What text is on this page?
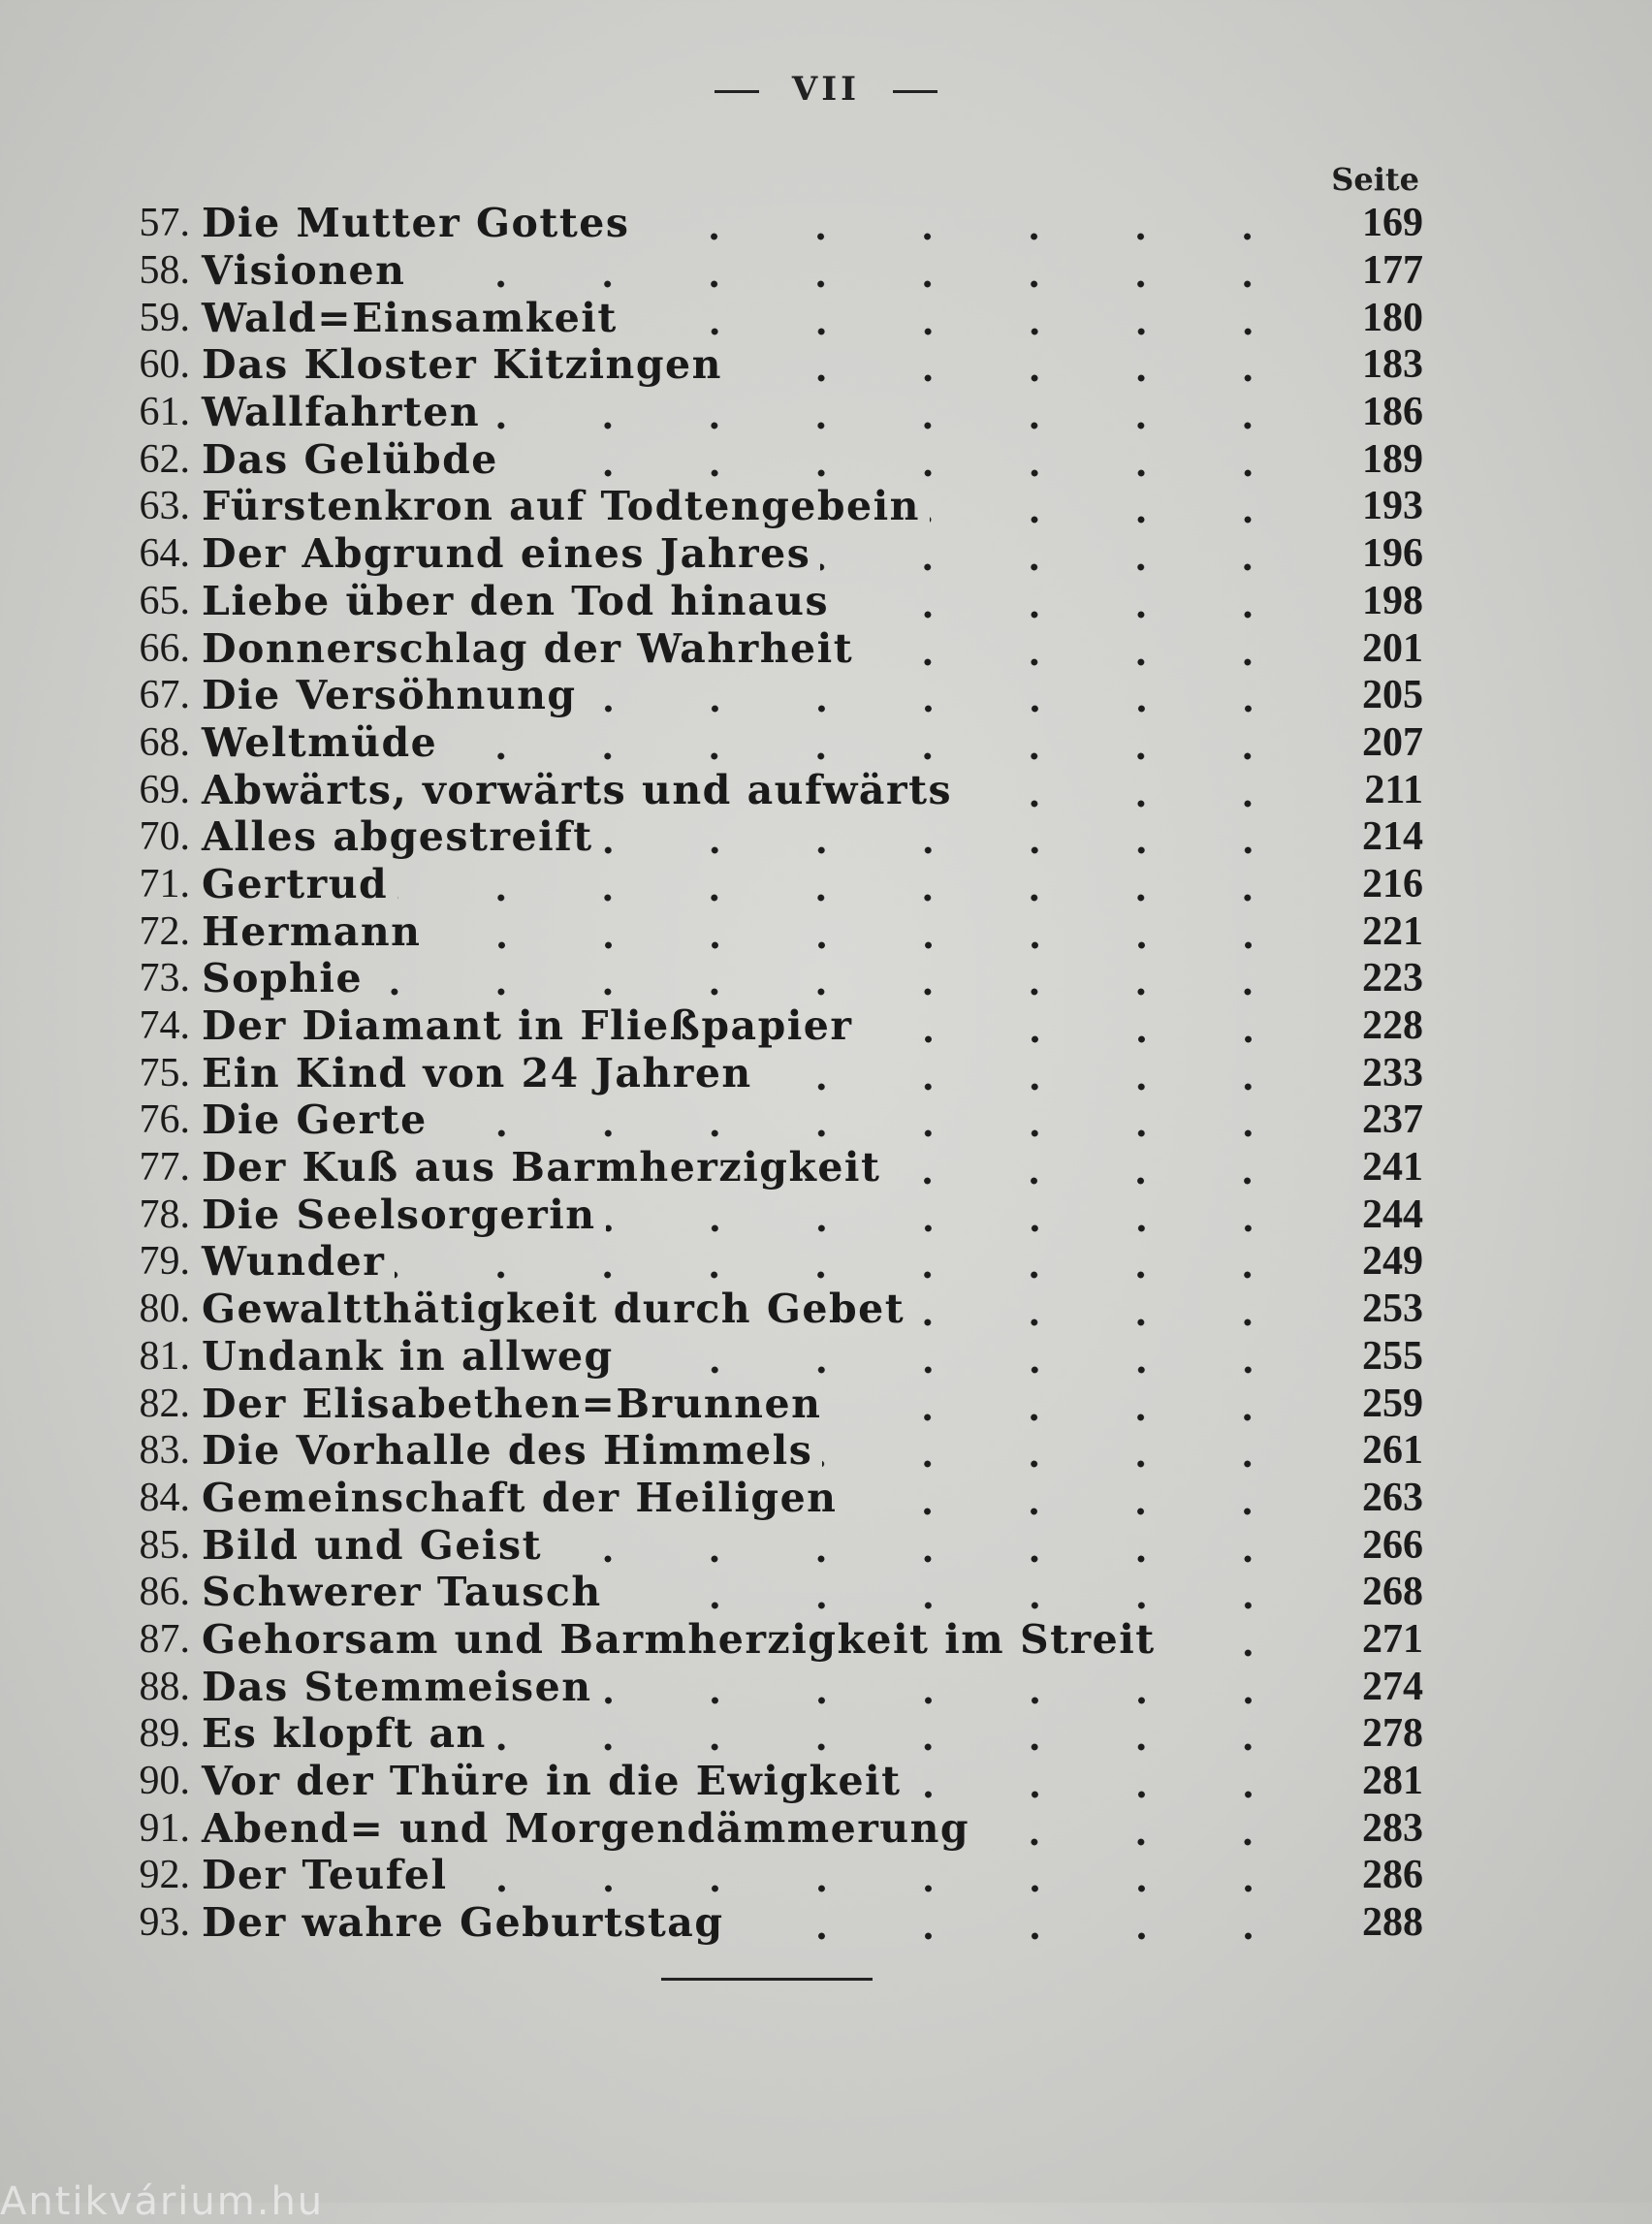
VII
Seite
57. Die Mutter Gottes	169
58. Visionen	177
59. Wald=Einsamkeit	180
60. Das Kloster Kitzingen	183
61. Wallfahrten	186
62. Das Gelübde	189
63. Fürstenkron auf Todtengebein	193
64. Der Abgrund eines Jahres	196
65. Liebe über den Tod hinaus	198
66. Donnerschlag der Wahrheit	201
67. Die Versöhnung	205
68. Weltmüde	207
69. Abwärts, vorwärts und aufwärts	211
70. Alles abgestreift	214
71. Gertrud	216
72. Hermann	221
73. Sophie	223
74. Der Diamant in Fließpapier	228
75. Ein Kind von 24 Jahren	233
76. Die Gerte	237
77. Der Kuß aus Barmherzigkeit	241
78. Die Seelsorgerin	244
79. Wunder	249
80. Gewaltthätigkeit durch Gebet	253
81. Undank in allweg	255
82. Der Elisabethen=Brunnen	259
83. Die Vorhalle des Himmels	261
84. Gemeinschaft der Heiligen	263
85. Bild und Geist	266
86. Schwerer Tausch	268
87. Gehorsam und Barmherzigkeit im Streit	271
88. Das Stemmeisen	274
89. Es klopft an	278
90. Vor der Thüre in die Ewigkeit	281
91. Abend= und Morgendämmerung	283
92. Der Teufel	286
93. Der wahre Geburtstag	288
Antikvárium.hu
